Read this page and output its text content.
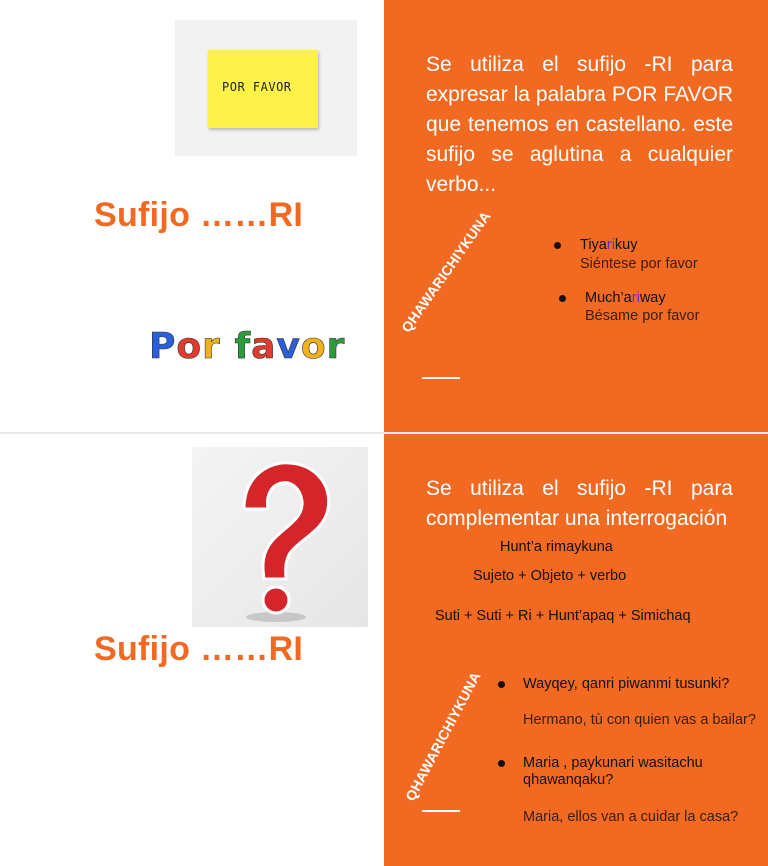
POR FAVOR
Sufijo ……RI
Por favor
Se utiliza el sufijo -RI para expresar la palabra POR FAVOR que tenemos en castellano. este sufijo se aglutina a cualquier verbo...
QHAWARICHIYKUNA	Tiyarikuy
Siéntese por favor
Much’ariway
Bésame por favor
Sufijo ……RI
Se utiliza el sufijo -RI para complementar una interrogación
Hunt’a rimaykuna
Sujeto + Objeto + verbo
Suti + Suti + Ri + Hunt’apaq + Simichaq
QHAWARICHIYKUNA	Wayqey, qanri piwanmi tusunki?
Hermano, tù con quien vas a bailar?
Maria , paykunari wasitachu qhawanqaku?
Maria, ellos van a cuidar la casa?
